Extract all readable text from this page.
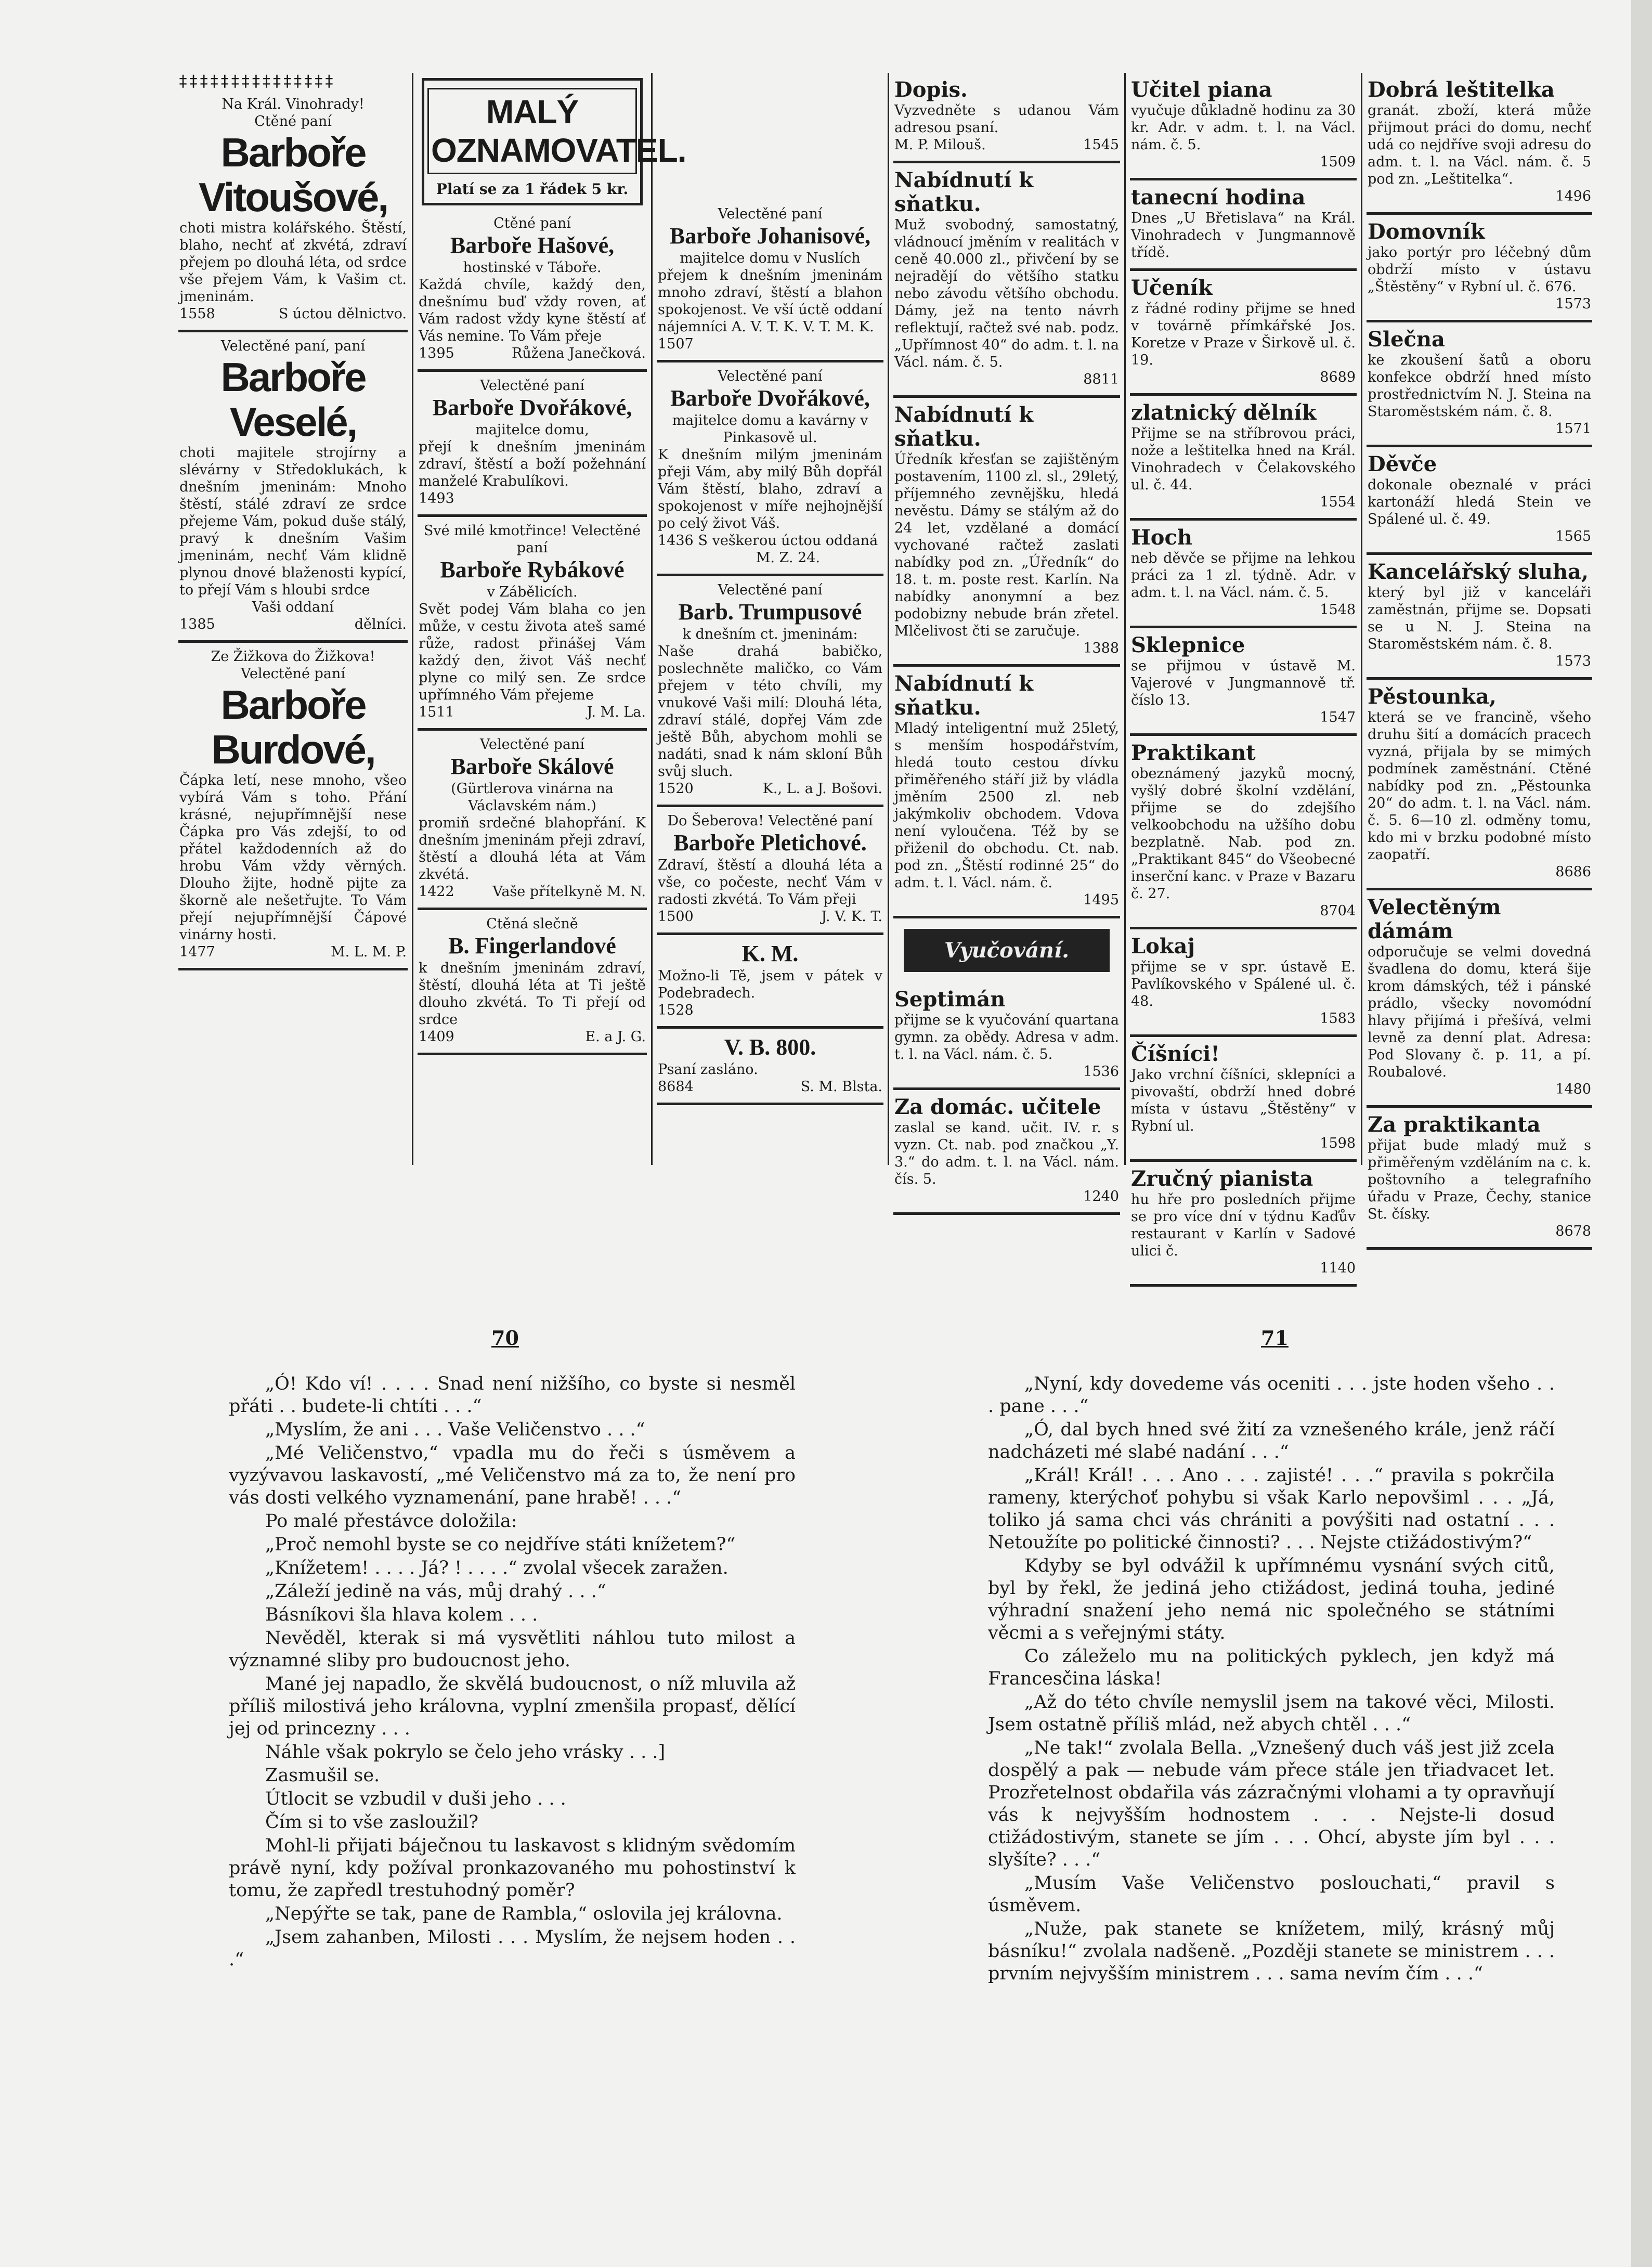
‡‡‡‡‡‡‡‡‡‡‡‡‡‡‡
Na Král. Vinohrady!
Ctěné paní
Barboře Vitoušové,
choti mistra kolářského. Štěstí, blaho, nechť ať zkvétá, zdraví přejem po dlouhá léta, od srdce vše přejem Vám, k Vašim ct. jmeninám.
1558	S úctou dělnictvo.
Velectěné paní, paní
Barboře Veselé,
choti majitele strojírny a slévárny v Středoklukách, k dnešním jmeninám: Mnoho štěstí, stálé zdraví ze srdce přejeme Vám, pokud duše stálý, pravý k dnešním Vašim jmeninám, nechť Vám klidně plynou dnové blaženosti kypící, to přejí Vám s hloubi srdce
Vaši oddaní
1385	dělníci.
Ze Žižkova do Žižkova! Velectěné paní
Barboře Burdové,
Čápka letí, nese mnoho, všeo vybírá Vám s toho. Přání krásné, nejupřímnější nese Čápka pro Vás zdejší, to od přátel každodenních až do hrobu Vám vždy věrných. Dlouho žijte, hodně pijte za škorně ale nešetřujte. To Vám přejí nejupřímnější Čápové vinárny hosti.
1477	M. L. M. P.
MALÝ OZNAMOVATEL.
Platí se za 1 řádek 5 kr.
Ctěné paní
Barboře Hašové,
hostinské v Táboře.
Každá chvíle, každý den, dnešnímu buď vždy roven, ať Vám radost vždy kyne štěstí ať Vás nemine. To Vám přeje
1395	Růžena Janečková.
Velectěné paní
Barboře Dvořákové,
majitelce domu,
přejí k dnešním jmeninám zdraví, štěstí a boží požehnání manželé Krabulíkovi.
1493
Své milé kmotřince! Velectěné paní
Barboře Rybákové
v Zábělicích.
Svět podej Vám blaha co jen může, v cestu života ateš samé růže, radost přinášej Vám každý den, život Váš nechť plyne co milý sen. Ze srdce upřímného Vám přejeme
1511	J. M. La.
Velectěné paní
Barboře Skálové
(Gürtlerova vinárna na Václavském nám.)
promiň srdečné blahopřání. K dnešním jmeninám přeji zdraví, štěstí a dlouhá léta at Vám zkvétá.
1422	Vaše přítelkyně M. N.
Ctěná slečně
B. Fingerlandové
k dnešním jmeninám zdraví, štěstí, dlouhá léta at Ti ještě dlouho zkvétá. To Ti přejí od srdce
1409	E. a J. G.
Velectěné paní
Barboře Johanisové,
majitelce domu v Nuslích
přejem k dnešním jmeninám mnoho zdraví, štěstí a blahon spokojenost. Ve vší úctě oddaní nájemníci A. V. T. K. V. T. M. K.
1507
Velectěné paní
Barboře Dvořákové,
majitelce domu a kavárny v Pinkasově ul.
K dnešním milým jmeninám přeji Vám, aby milý Bůh dopřál Vám štěstí, blaho, zdraví a spokojenost v míře nejhojnější po celý život Váš.
1436 S veškerou úctou oddaná M. Z. 24.
Velectěné paní
Barb. Trumpusové
k dnešním ct. jmeninám:
Naše drahá babičko, poslechněte maličko, co Vám přejem v této chvíli, my vnukové Vaši milí: Dlouhá léta, zdraví stálé, dopřej Vám zde ještě Bůh, abychom mohli se nadáti, snad k nám skloní Bůh svůj sluch.
1520	K., L. a J. Bošovi.
Do Šeberova! Velectěné paní
Barboře Pletichové.
Zdraví, štěstí a dlouhá léta a vše, co počeste, nechť Vám v radosti zkvétá. To Vám přeji
1500	J. V. K. T.
K. M.
Možno-li Tě, jsem v pátek v Podebradech.
1528
V. B. 800.
Psaní zasláno.
8684	S. M. Blsta.
Dopis.
Vyzvedněte s udanou Vám adresou psaní.
M. P. Milouš.	1545
Nabídnutí k sňatku.
Muž svobodný, samostatný, vládnoucí jměním v realitách v ceně 40.000 zl., přivčení by se nejradějí do většího statku nebo závodu většího obchodu. Dámy, jež na tento návrh reflektují, račtež své nab. podz. „Upřímnost 40“ do adm. t. l. na Václ. nám. č. 5.
8811
Nabídnutí k sňatku.
Úředník křesťan se zajištěným postavením, 1100 zl. sl., 29letý, příjemného zevnějšku, hledá nevěstu. Dámy se stálým až do 24 let, vzdělané a domácí vychované račtež zaslati nabídky pod zn. „Úředník“ do 18. t. m. poste rest. Karlín. Na nabídky anonymní a bez podobizny nebude brán zřetel. Mlčelivost čti se zaručuje.
1388
Nabídnutí k sňatku.
Mladý inteligentní muž 25letý, s menším hospodářstvím, hledá touto cestou dívku přiměřeného stáří již by vládla jměním 2500 zl. neb jakýmkoliv obchodem. Vdova není vyloučena. Též by se přiženil do obchodu. Ct. nab. pod zn. „Štěstí rodinné 25“ do adm. t. l. Václ. nám. č.
1495
Vyučování.
Septimán
přijme se k vyučování quartana gymn. za obědy. Adresa v adm. t. l. na Václ. nám. č. 5.
1536
Za domác. učitele
zaslal se kand. učit. IV. r. s vyzn. Ct. nab. pod značkou „Y. 3.“ do adm. t. l. na Václ. nám. čís. 5.
1240
Učitel piana
vyučuje důkladně hodinu za 30 kr. Adr. v adm. t. l. na Václ. nám. č. 5.
1509
tanecní hodina
Dnes „U Břetislava“ na Král. Vinohradech v Jungmannově třídě.
Učeník
z řádné rodiny přijme se hned v továrně přímkářské Jos. Koretze v Praze v Širkově ul. č. 19.
8689
zlatnický dělník
Přijme se na stříbrovou práci, nože a leštitelka hned na Král. Vinohradech v Čelakovského ul. č. 44.
1554
Hoch
neb děvče se přijme na lehkou práci za 1 zl. týdně. Adr. v adm. t. l. na Václ. nám. č. 5.
1548
Sklepnice
se přijmou v ústavě M. Vajerové v Jungmannově tř. číslo 13.
1547
Praktikant
obeznámený jazyků mocný, vyšlý dobré školní vzdělání, přijme se do zdejšího velkoobchodu na užšího dobu bezplatně. Nab. pod zn. „Praktikant 845“ do Všeobecné inserční kanc. v Praze v Bazaru č. 27.
8704
Lokaj
přijme se v spr. ústavě E. Pavlíkovského v Spálené ul. č. 48.
1583
Číšníci!
Jako vrchní číšníci, sklepníci a pivovaští, obdrží hned dobré místa v ústavu „Štěstěny“ v Rybní ul.
1598
Zručný pianista
hu hře pro posledních přijme se pro více dní v týdnu Kaďův restaurant v Karlín v Sadové ulici č.
1140
Dobrá leštitelka
granát. zboží, která může přijmout práci do domu, nechť udá co nejdříve svoji adresu do adm. t. l. na Václ. nám. č. 5 pod zn. „Leštitelka“.
1496
Domovník
jako portýr pro léčebný dům obdrží místo v ústavu „Štěstěny“ v Rybní ul. č. 676.
1573
Slečna
ke zkoušení šatů a oboru konfekce obdrží hned místo prostřednictvím N. J. Steina na Staroměstském nám. č. 8.
1571
Děvče
dokonale obeznalé v práci kartonáží hledá Stein ve Spálené ul. č. 49.
1565
Kancelářský sluha,
který byl již v kanceláři zaměstnán, přijme se. Dopsati se u N. J. Steina na Staroměstském nám. č. 8.
1573
Pěstounka,
která se ve francině, všeho druhu šití a domácích pracech vyzná, přijala by se mimých podmínek zaměstnání. Ctěné nabídky pod zn. „Pěstounka 20“ do adm. t. l. na Václ. nám. č. 5. 6—10 zl. odměny tomu, kdo mi v brzku podobné místo zaopatří.
8686
Velectěným dámám
odporučuje se velmi dovedná švadlena do domu, která šije krom dámských, též i pánské prádlo, všecky novomódní hlavy přijímá i přešívá, velmi levně za denní plat. Adresa: Pod Slovany č. p. 11, a pí. Roubalové.
1480
Za praktikanta
přijat bude mladý muž s přiměřeným vzděláním na c. k. poštovního a telegrafního úřadu v Praze, Čechy, stanice St. čísky.
8678
70	71

„Ó! Kdo ví! . . . . Snad není nižšího, co byste si nesměl přáti . . budete-li chtíti . . .“

„Myslím, že ani . . . Vaše Veličenstvo . . .“

„Mé Veličenstvo,“ vpadla mu do řeči s úsměvem a vyzývavou laskavostí, „mé Veličenstvo má za to, že není pro vás dosti velkého vyznamenání, pane hrabě! . . .“

Po malé přestávce doložila:

„Proč nemohl byste se co nejdříve státi knížetem?“

„Knížetem! . . . . Já? ! . . . .“ zvolal všecek zaražen.

„Záleží jedině na vás, můj drahý . . .“

Básníkovi šla hlava kolem . . .

Nevěděl, kterak si má vysvětliti náhlou tuto milost a významné sliby pro budoucnost jeho.

Mané jej napadlo, že skvělá budoucnost, o níž mluvila až příliš milostivá jeho královna, vyplní zmenšila propasť, dělící jej od princezny . . .

Náhle však pokrylo se čelo jeho vrásky . . .]

Zasmušil se.

Útlocit se vzbudil v duši jeho . . .

Čím si to vše zasloužil?

Mohl-li přijati báječnou tu laskavost s klidným svědomím právě nyní, kdy požíval pronkazovaného mu pohostinství k tomu, že zapředl trestuhodný poměr?

„Nepýřte se tak, pane de Rambla,“ oslovila jej královna.

„Jsem zahanben, Milosti . . . Myslím, že nejsem hoden . . .“

„Nyní, kdy dovedeme vás oceniti . . . jste hoden všeho . . . pane . . .“

„Ó, dal bych hned své žití za vznešeného krále, jenž ráčí nadcházeti mé slabé nadání . . .“

„Král! Král! . . . Ano . . . zajisté! . . .“ pravila s pokrčila rameny, kterýchoť pohybu si však Karlo nepovšiml . . . „Já, toliko já sama chci vás chrániti a povýšiti nad ostatní . . . Netoužíte po politické činnosti? . . . Nejste ctižádostivým?“

Kdyby se byl odvážil k upřímnému vysnání svých citů, byl by řekl, že jediná jeho ctižádost, jediná touha, jediné výhradní snažení jeho nemá nic společného se státními věcmi a s veřejnými státy.

Co záleželo mu na politických pyklech, jen když má Francesčina láska!

„Až do této chvíle nemyslil jsem na takové věci, Milosti. Jsem ostatně příliš mlád, než abych chtěl . . .“

„Ne tak!“ zvolala Bella. „Vznešený duch váš jest již zcela dospělý a pak — nebude vám přece stále jen třiadvacet let. Prozřetelnost obdařila vás zázračnými vlohami a ty opravňují vás k nejvyšším hodnostem . . . Nejste-li dosud ctižádostivým, stanete se jím . . . Ohcí, abyste jím byl . . . slyšíte? . . .“

„Musím Vaše Veličenstvo poslouchati,“ pravil s úsměvem.

„Nuže, pak stanete se knížetem, milý, krásný můj básníku!“ zvolala nadšeně. „Později stanete se ministrem . . . prvním nejvyšším ministrem . . . sama nevím čím . . .“
